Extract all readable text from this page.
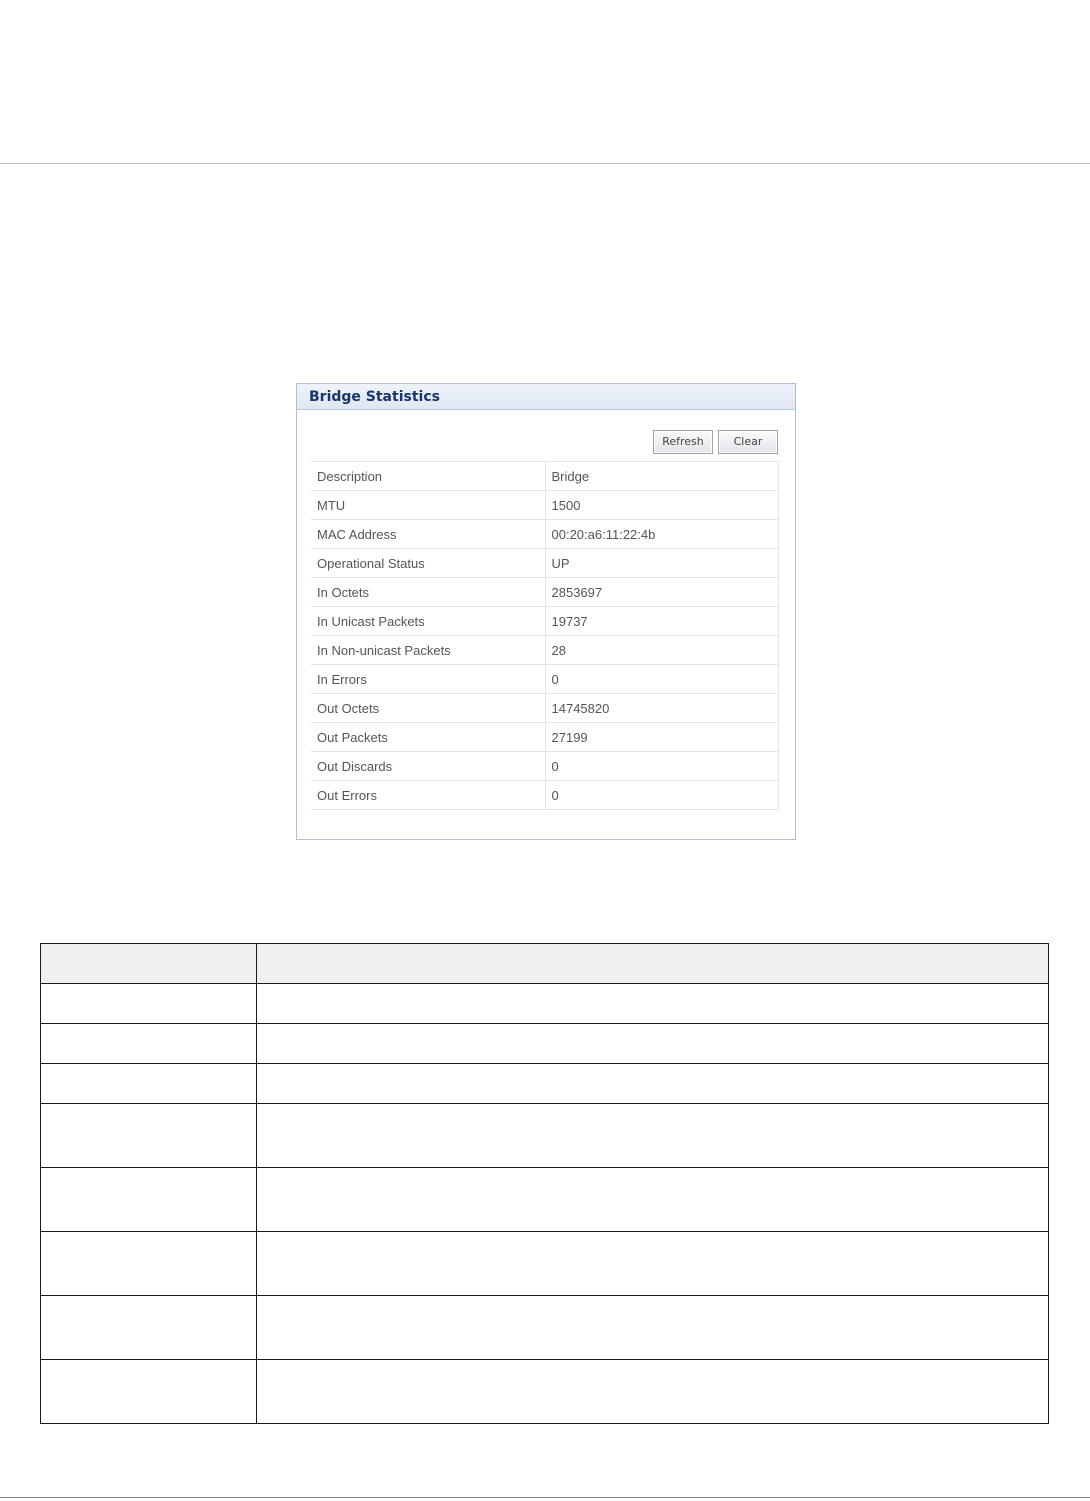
Bridge Statistics
Refresh	Clear
Description	Bridge
MTU	1500
MAC Address	00:20:a6:11:22:4b
Operational Status	UP
In Octets	2853697
In Unicast Packets	19737
In Non-unicast Packets	28
In Errors	0
Out Octets	14745820
Out Packets	27199
Out Discards	0
Out Errors	0
